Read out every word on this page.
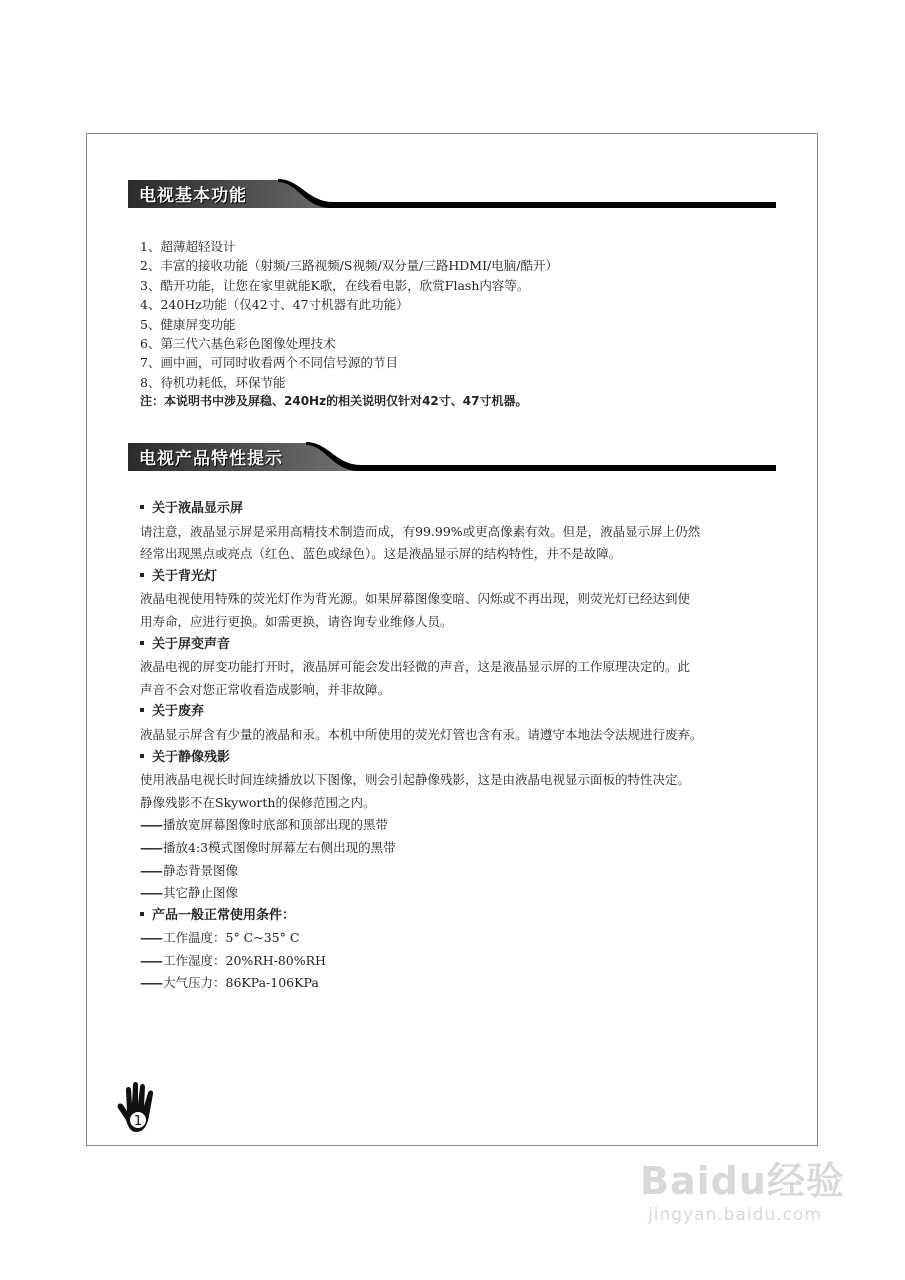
电视基本功能
1、超薄超轻设计
2、丰富的接收功能（射频/三路视频/S视频/双分量/三路HDMI/电脑/酷开）
3、酷开功能，让您在家里就能K歌，在线看电影，欣赏Flash内容等。
4、240Hz功能（仅42寸、47寸机器有此功能）
5、健康屏变功能
6、第三代六基色彩色图像处理技术
7、画中画，可同时收看两个不同信号源的节目
8、待机功耗低，环保节能
注：本说明书中涉及屏稳、240Hz的相关说明仅针对42寸、47寸机器。
电视产品特性提示
关于液晶显示屏
请注意，液晶显示屏是采用高精技术制造而成，有99.99%或更高像素有效。但是，液晶显示屏上仍然
经常出现黑点或亮点（红色、蓝色或绿色）。这是液晶显示屏的结构特性，并不是故障。
关于背光灯
液晶电视使用特殊的荧光灯作为背光源。如果屏幕图像变暗、闪烁或不再出现，则荧光灯已经达到使
用寿命，应进行更换。如需更换，请咨询专业维修人员。
关于屏变声音
液晶电视的屏变功能打开时，液晶屏可能会发出轻微的声音，这是液晶显示屏的工作原理决定的。此
声音不会对您正常收看造成影响，并非故障。
关于废弃
液晶显示屏含有少量的液晶和汞。本机中所使用的荧光灯管也含有汞。请遵守本地法令法规进行废弃。
关于静像残影
使用液晶电视长时间连续播放以下图像，则会引起静像残影，这是由液晶电视显示面板的特性决定。
静像残影不在Skyworth的保修范围之内。
—— 播放宽屏幕图像时底部和顶部出现的黑带
—— 播放4:3模式图像时屏幕左右侧出现的黑带
—— 静态背景图像
—— 其它静止图像
产品一般正常使用条件：
—— 工作温度：5° C~35° C
—— 工作湿度：20%RH-80%RH
—— 大气压力：86KPa-106KPa
1
Baidu经验
jingyan.baidu.com
